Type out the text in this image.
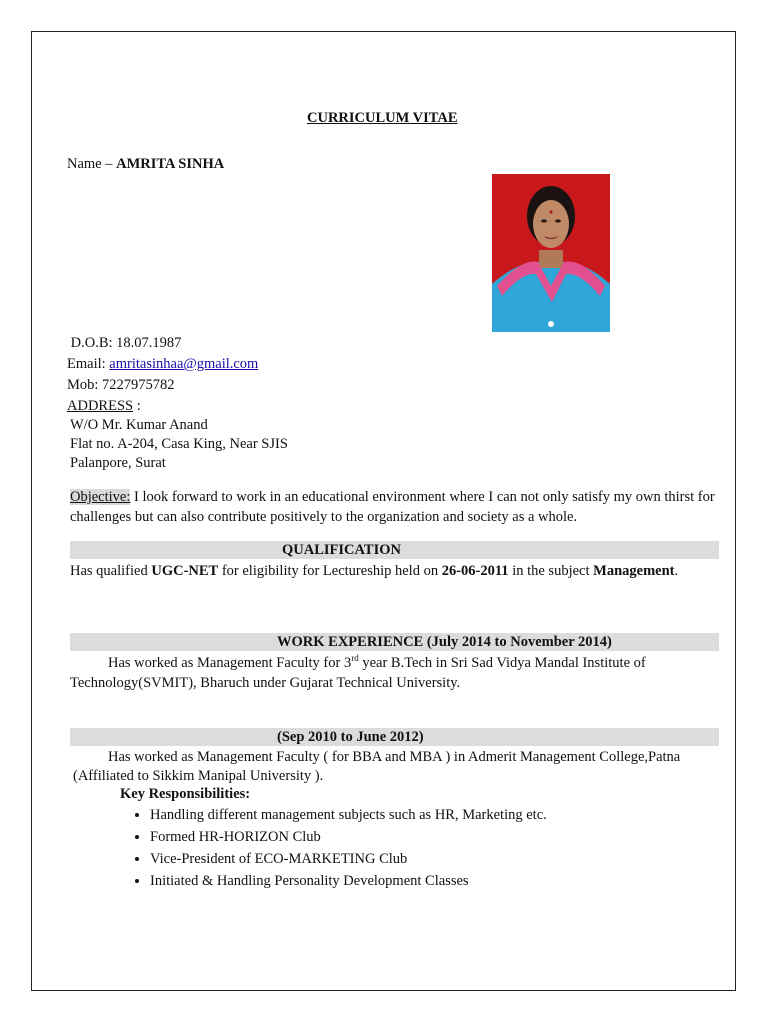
CURRICULUM VITAE
Name – AMRITA SINHA
D.O.B: 18.07.1987
Email: amritasinhaa@gmail.com
Mob: 7227975782
ADDRESS :
W/O Mr. Kumar Anand
Flat no. A-204, Casa King, Near SJIS
Palanpore, Surat
Objective: I look forward to work in an educational environment where I can not only satisfy my own thirst for challenges but can also contribute positively to the organization and society as a whole.
QUALIFICATION
Has qualified UGC-NET for eligibility for Lectureship held on 26-06-2011 in the subject Management.
WORK EXPERIENCE (July 2014 to November 2014)
Has worked as Management Faculty for 3rd year B.Tech in Sri Sad Vidya Mandal Institute of Technology(SVMIT), Bharuch under Gujarat Technical University.
(Sep 2010 to June 2012)
Has worked as Management Faculty ( for BBA and MBA ) in Admerit Management College,Patna
(Affiliated to Sikkim Manipal University ).
Key Responsibilities:
• Handling different management subjects such as HR, Marketing etc.
• Formed HR-HORIZON Club
• Vice-President of ECO-MARKETING Club
• Initiated & Handling Personality Development Classes
